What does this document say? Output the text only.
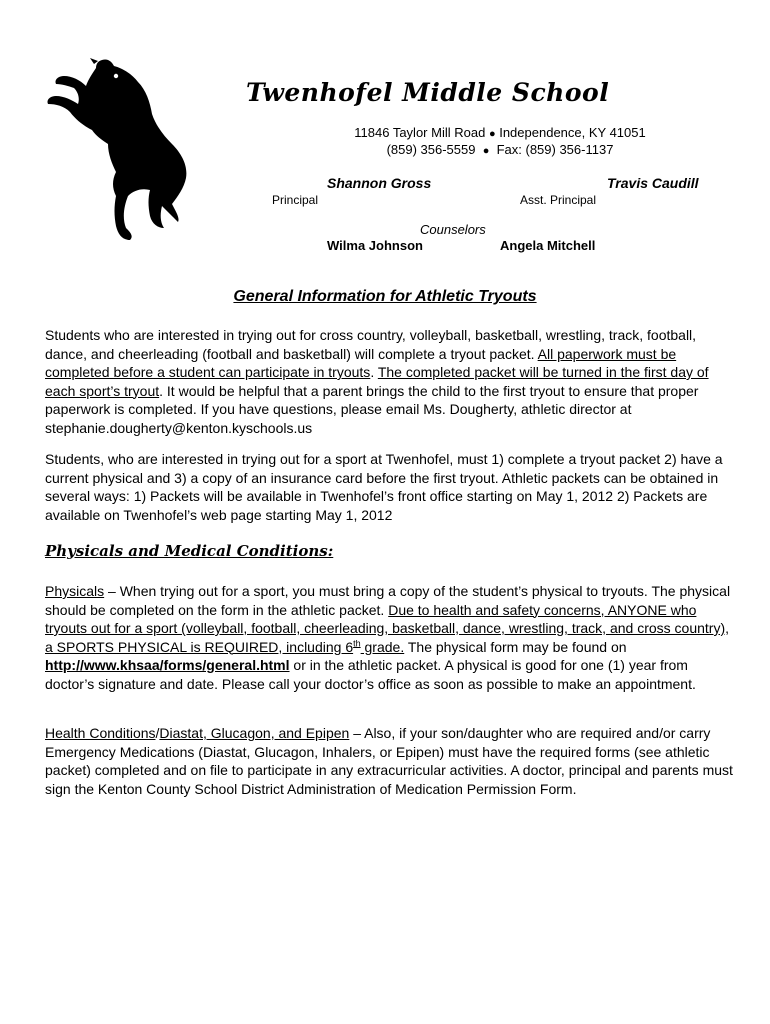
Twenhofel Middle School
11846 Taylor Mill Road ● Independence, KY 41051
(859) 356-5559 ● Fax: (859) 356-1137
Shannon Gross
Principal
Travis Caudill
Asst. Principal
Counselors
Wilma Johnson	Angela Mitchell
General Information for Athletic Tryouts

Students who are interested in trying out for cross country, volleyball, basketball, wrestling, track, football, dance, and cheerleading (football and basketball) will complete a tryout packet. All paperwork must be completed before a student can participate in tryouts. The completed packet will be turned in the first day of each sport’s tryout. It would be helpful that a parent brings the child to the first tryout to ensure that proper paperwork is completed. If you have questions, please email Ms. Dougherty, athletic director at stephanie.dougherty@kenton.kyschools.us

Students, who are interested in trying out for a sport at Twenhofel, must 1) complete a tryout packet 2) have a current physical and 3) a copy of an insurance card before the first tryout. Athletic packets can be obtained in several ways: 1) Packets will be available in Twenhofel’s front office starting on May 1, 2012 2) Packets are available on Twenhofel’s web page starting May 1, 2012

Physicals and Medical Conditions:

Physicals – When trying out for a sport, you must bring a copy of the student’s physical to tryouts. The physical should be completed on the form in the athletic packet. Due to health and safety concerns, ANYONE who tryouts out for a sport (volleyball, football, cheerleading, basketball, dance, wrestling, track, and cross country), a SPORTS PHYSICAL is REQUIRED, including 6th grade. The physical form may be found on http://www.khsaa/forms/general.html or in the athletic packet. A physical is good for one (1) year from doctor’s signature and date. Please call your doctor’s office as soon as possible to make an appointment.

Health Conditions/Diastat, Glucagon, and Epipen – Also, if your son/daughter who are required and/or carry Emergency Medications (Diastat, Glucagon, Inhalers, or Epipen) must have the required forms (see athletic packet) completed and on file to participate in any extracurricular activities. A doctor, principal and parents must sign the Kenton County School District Administration of Medication Permission Form.
